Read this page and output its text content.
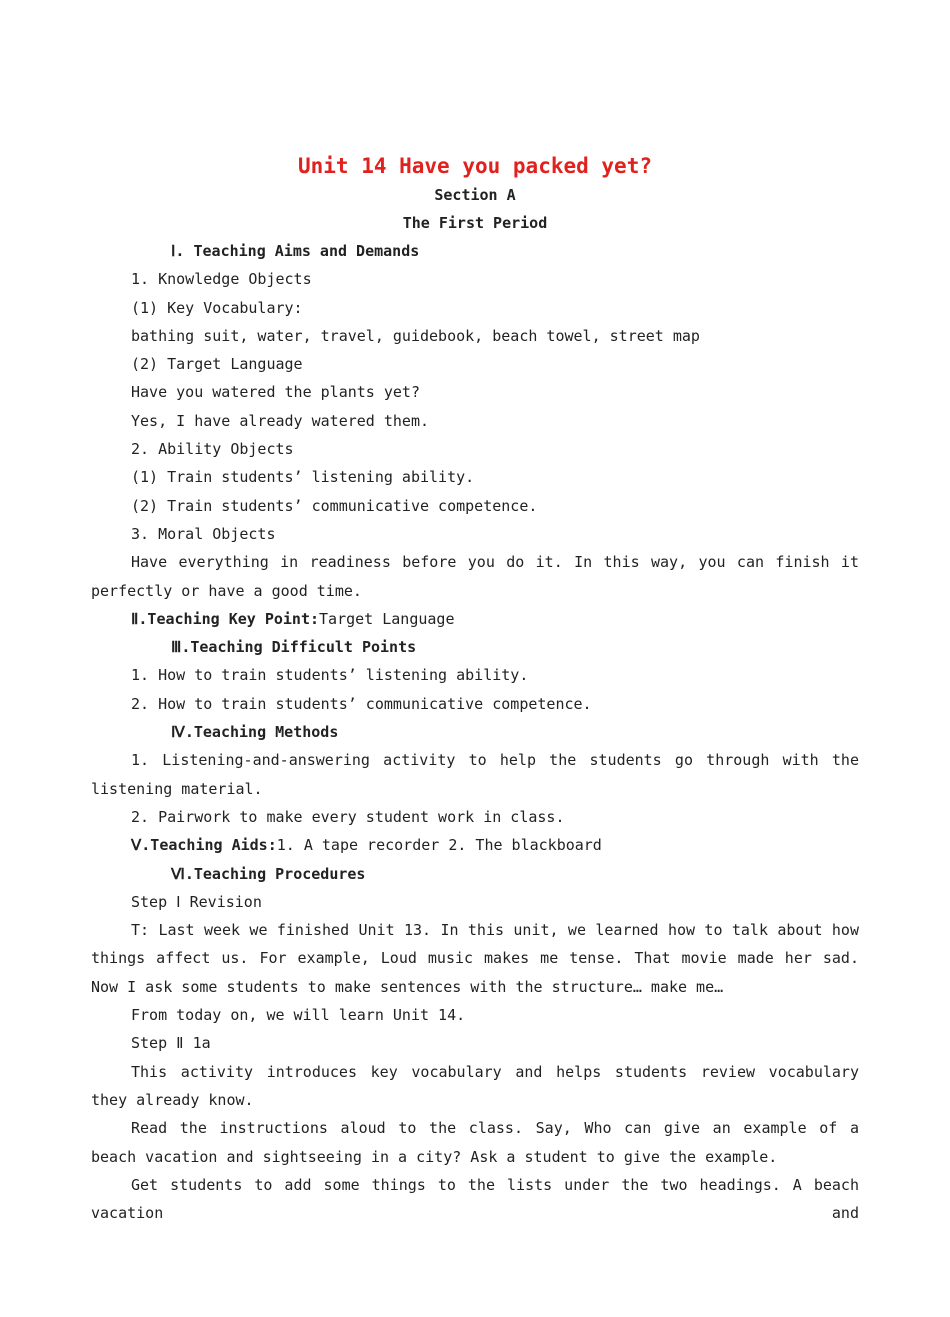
Unit 14 Have you packed yet?
Section A
The First Period

Ⅰ. Teaching Aims and Demands

1. Knowledge Objects

(1) Key Vocabulary:

bathing suit, water, travel, guidebook, beach towel, street map

(2) Target Language

Have you watered the plants yet?

Yes, I have already watered them.

2. Ability Objects

(1) Train students’ listening ability.

(2) Train students’ communicative competence.

3. Moral Objects

Have everything in readiness before you do it. In this way, you can finish it perfectly or have a good time.

Ⅱ.Teaching Key Point:Target Language

Ⅲ.Teaching Difficult Points

1. How to train students’ listening ability.

2. How to train students’ communicative competence.

Ⅳ.Teaching Methods

1. Listening-and-answering activity to help the students go through with the listening material.

2. Pairwork to make every student work in class.

Ⅴ.Teaching Aids:1. A tape recorder 2. The blackboard

Ⅵ.Teaching Procedures

Step Ⅰ Revision

T: Last week we finished Unit 13. In this unit, we learned how to talk about how things affect us. For example, Loud music makes me tense. That movie made her sad. Now I ask some students to make sentences with the structure… make me…

From today on, we will learn Unit 14.

Step Ⅱ 1a

This activity introduces key vocabulary and helps students review vocabulary they already know.

Read the instructions aloud to the class. Say, Who can give an example of a beach vacation and sightseeing in a city? Ask a student to give the example.

Get students to add some things to the lists under the two headings. A beach vacation and
